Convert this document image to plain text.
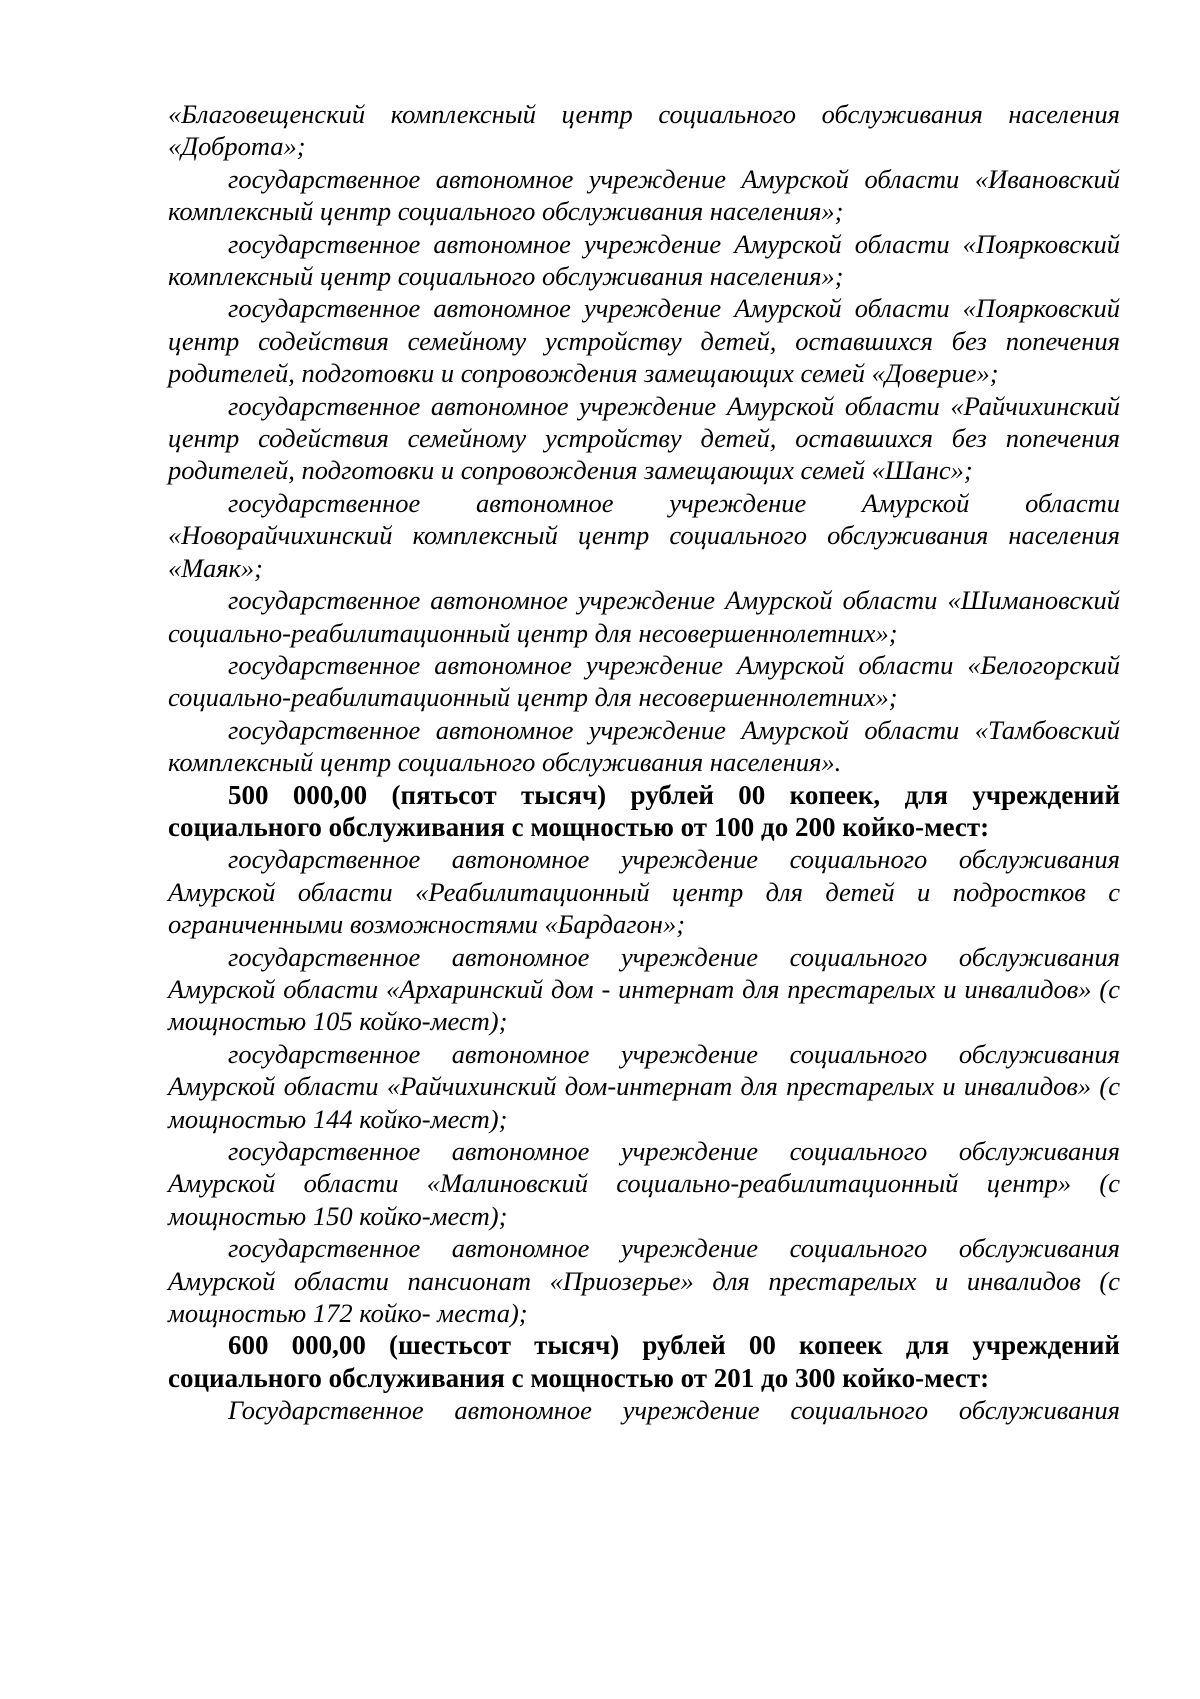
«Благовещенский комплексный центр социального обслуживания населения «Доброта»;

государственное автономное учреждение Амурской области «Ивановский комплексный центр социального обслуживания населения»;

государственное автономное учреждение Амурской области «Поярковский комплексный центр социального обслуживания населения»;

государственное автономное учреждение Амурской области «Поярковский центр содействия семейному устройству детей, оставшихся без попечения родителей, подготовки и сопровождения замещающих семей «Доверие»;

государственное автономное учреждение Амурской области «Райчихинский центр содействия семейному устройству детей, оставшихся без попечения родителей, подготовки и сопровождения замещающих семей «Шанс»;

государственное автономное учреждение Амурской области «Новорайчихинский комплексный центр социального обслуживания населения «Маяк»;

государственное автономное учреждение Амурской области «Шимановский социально-реабилитационный центр для несовершеннолетних»;

государственное автономное учреждение Амурской области «Белогорский социально-реабилитационный центр для несовершеннолетних»;

государственное автономное учреждение Амурской области «Тамбовский комплексный центр социального обслуживания населения».

500 000,00 (пятьсот тысяч) рублей 00 копеек, для учреждений социального обслуживания с мощностью от 100 до 200 койко-мест:

государственное автономное учреждение социального обслуживания Амурской области «Реабилитационный центр для детей и подростков с ограниченными возможностями «Бардагон»;

государственное автономное учреждение социального обслуживания Амурской области «Архаринский дом - интернат для престарелых и инвалидов» (с мощностью 105 койко-мест);

государственное автономное учреждение социального обслуживания Амурской области «Райчихинский дом-интернат для престарелых и инвалидов» (с мощностью 144 койко-мест);

государственное автономное учреждение социального обслуживания Амурской области «Малиновский социально-реабилитационный центр» (с мощностью 150 койко-мест);

государственное автономное учреждение социального обслуживания Амурской области пансионат «Приозерье» для престарелых и инвалидов (с мощностью 172 койко- места);

600 000,00 (шестьсот тысяч) рублей 00 копеек для учреждений социального обслуживания с мощностью от 201 до 300 койко-мест:

Государственное автономное учреждение социального обслуживания
